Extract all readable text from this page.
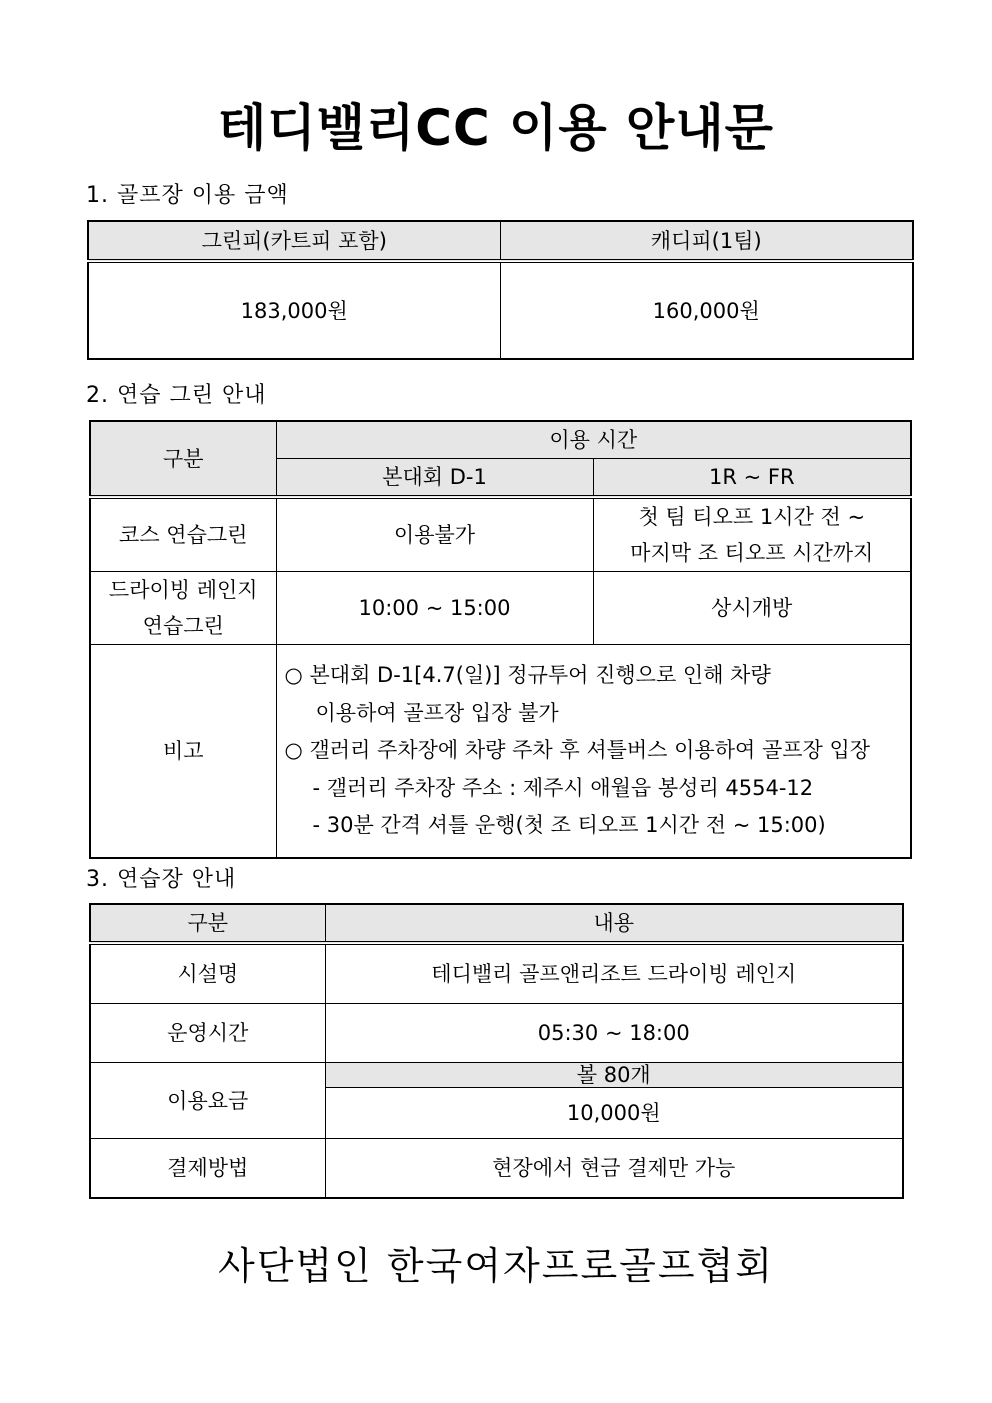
테디밸리CC 이용 안내문
1. 골프장 이용 금액
그린피(카트피 포함)	캐디피(1팀)
183,000원	160,000원
2. 연습 그린 안내
구분	이용 시간	
	본대회 D-1	1R ~ FR

코스 연습그린	이용불가	첫 팀 티오프 1시간 전 ~
마지막 조 티오프 시간까지

드라이빙 레인지
연습그린	10:00 ~ 15:00	상시개방

비고	○ 본대회 D-1[4.7(일)] 정규투어 진행으로 인해 차량
이용하여 골프장 입장 불가
○ 갤러리 주차장에 차량 주차 후 셔틀버스 이용하여 골프장 입장
- 갤러리 주차장 주소 : 제주시 애월읍 봉성리 4554-12
- 30분 간격 셔틀 운행(첫 조 티오프 1시간 전 ~ 15:00)	
3. 연습장 안내
구분	내용
시설명	테디밸리 골프앤리조트 드라이빙 레인지
운영시간	05:30 ~ 18:00
이용요금	볼 80개
	10,000원
결제방법	현장에서 현금 결제만 가능
사단법인 한국여자프로골프협회
